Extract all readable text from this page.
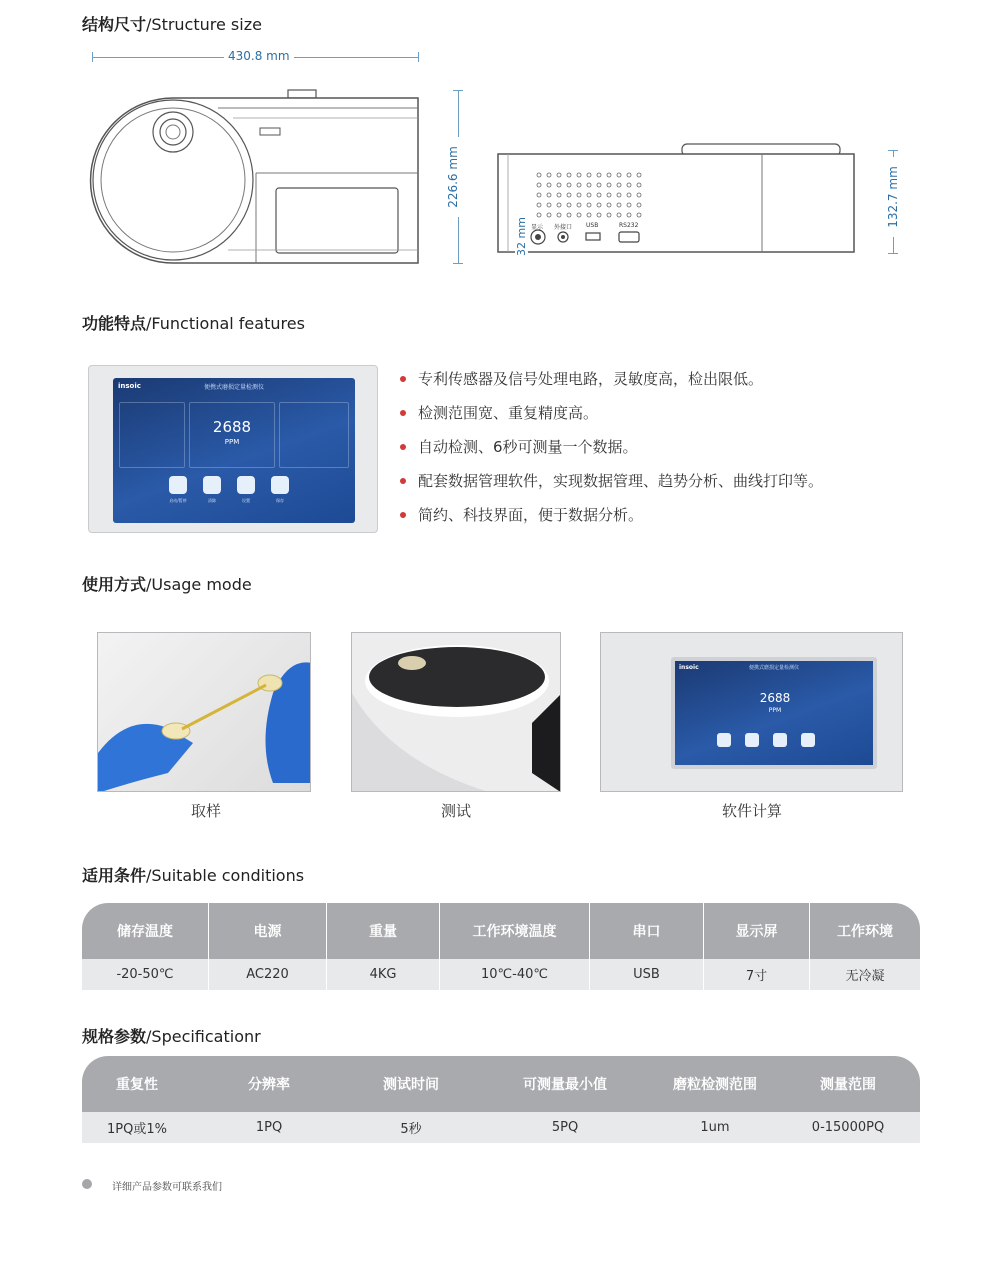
结构尺寸/Structure size
430.8 mm
226.6 mm
显示 外接口 USB	RS232
32 mm
132.7 mm
功能特点/Functional features
insoic	便携式磨损定量检测仪
2688
PPM
启动/暂停	清除	设置	保存
专利传感器及信号处理电路，灵敏度高，检出限低。
检测范围宽、重复精度高。
自动检测、6秒可测量一个数据。
配套数据管理软件，实现数据管理、趋势分析、曲线打印等。
简约、科技界面，便于数据分析。
使用方式/Usage mode
insoic	便携式磨损定量检测仪
2688
PPM
取样	测试	软件计算
适用条件/Suitable conditions
储存温度	电源	重量	工作环境温度	串口	显示屏	工作环境
-20-50℃	AC220	4KG	10℃-40℃	USB	7寸	无冷凝
规格参数/Specificationr
重复性	分辨率	测试时间	可测量最小值	磨粒检测范围	测量范围
1PQ或1%	1PQ	5秒	5PQ	1um	0-15000PQ
详细产品参数可联系我们
